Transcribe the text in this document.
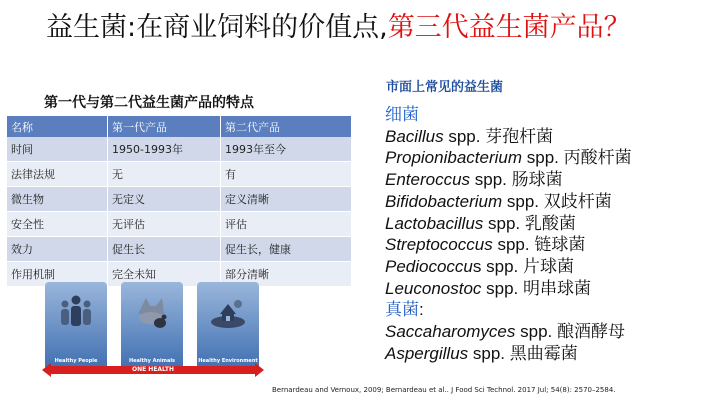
益生菌:在商业饲料的价值点,第三代益生菌产品？
第一代与第二代益生菌产品的特点
名称	第一代产品	第二代产品
时间	1950-1993年	1993年至今
法律法规	无	有
微生物	无定义	定义清晰
安全性	无评估	评估
效力	促生长	促生长，健康
作用机制	完全未知	部分清晰
Healthy People	Healthy Animals	Healthy Environment
ONE HEALTH
市面上常见的益生菌
细菌
Bacillus spp. 芽孢杆菌
Propionibacterium spp. 丙酸杆菌
Enteroccus spp. 肠球菌
Bifidobacterium spp. 双歧杆菌
Lactobacillus spp. 乳酸菌
Streptococcus spp. 链球菌
Pediococcus spp. 片球菌
Leuconostoc spp. 明串球菌
真菌:
Saccaharomyces spp. 酿酒酵母
Aspergillus spp. 黑曲霉菌
Bernardeau and Vernoux, 2009; Bernardeau et al.. J Food Sci Technol. 2017 Jul; 54(8): 2570–2584.
